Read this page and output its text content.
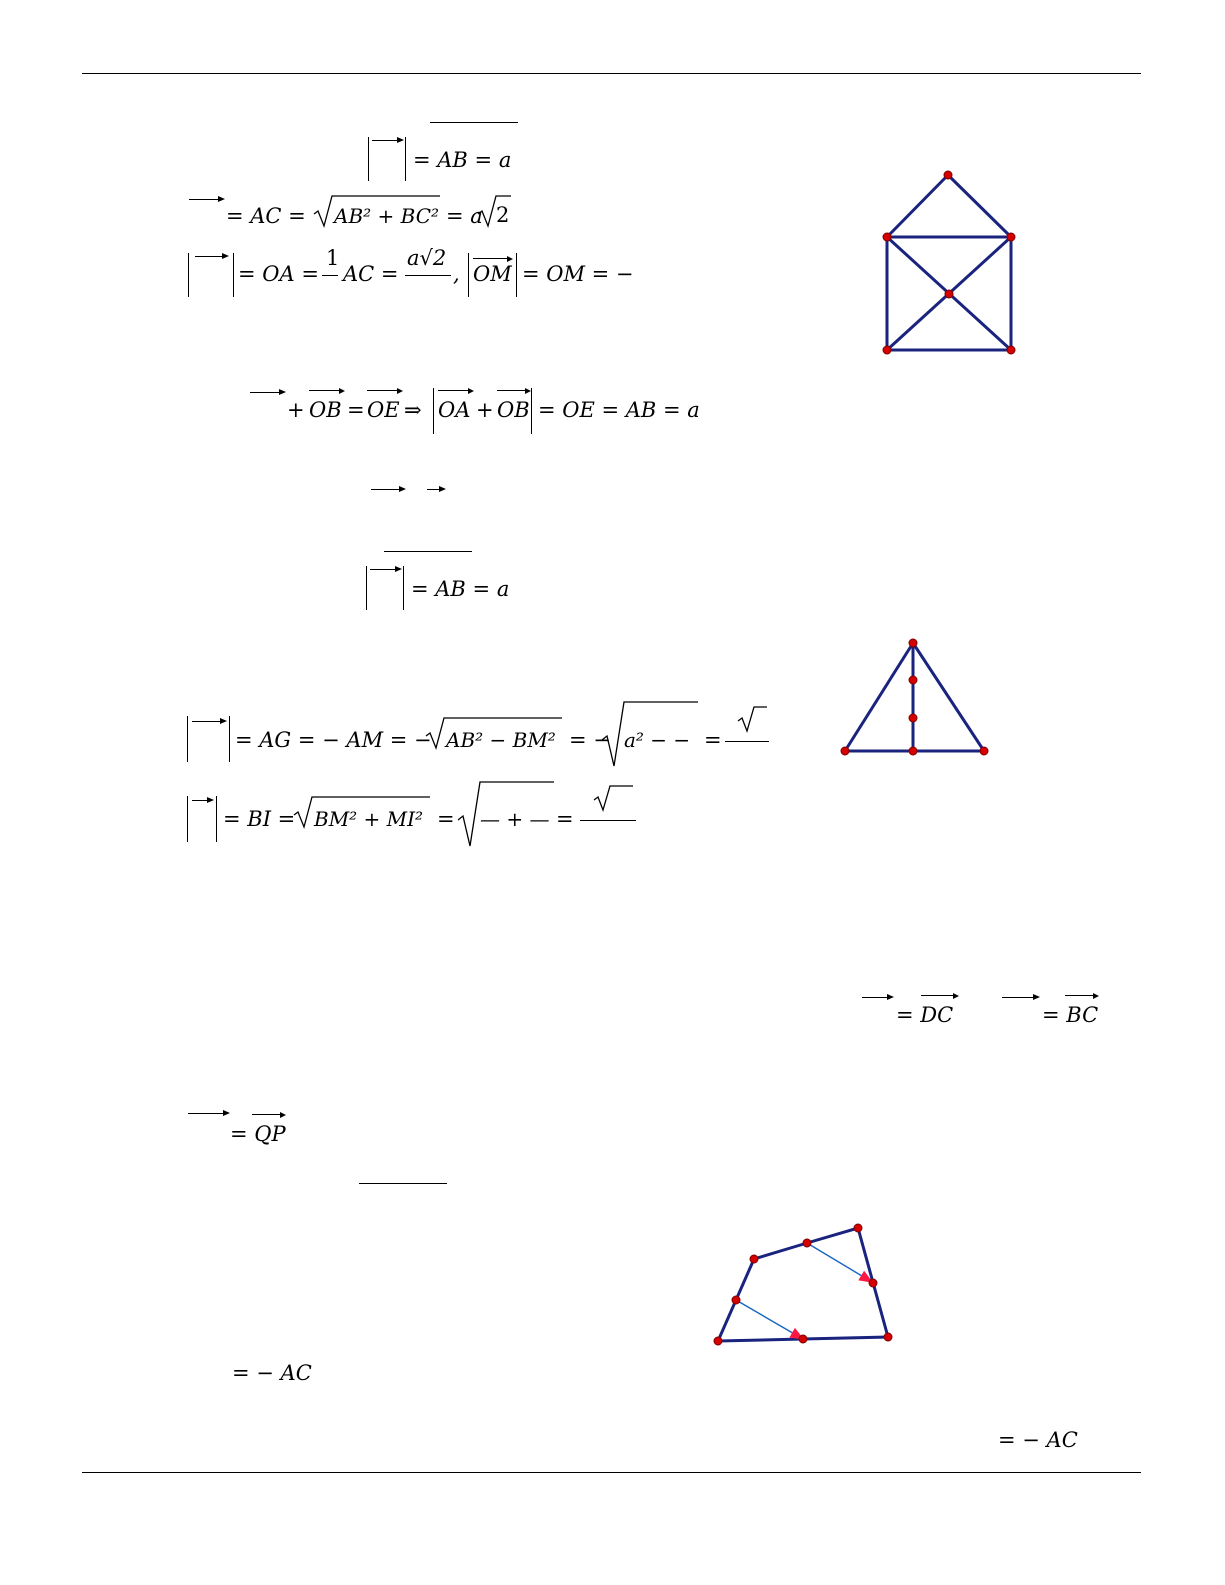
= AB = a
= AC = AB² + BC² = a 2
= OA =
1
AC =
a√2
, OM = OM = −
+ OB = OE ⇒ OA + OB = OE = AB = a
= AB = a
= AG = − AM = − AB² − BM² = − a² − − =
= BI = BM² + MI² = — + — =
= DC	= BC
= QP
= − AC
= − AC
